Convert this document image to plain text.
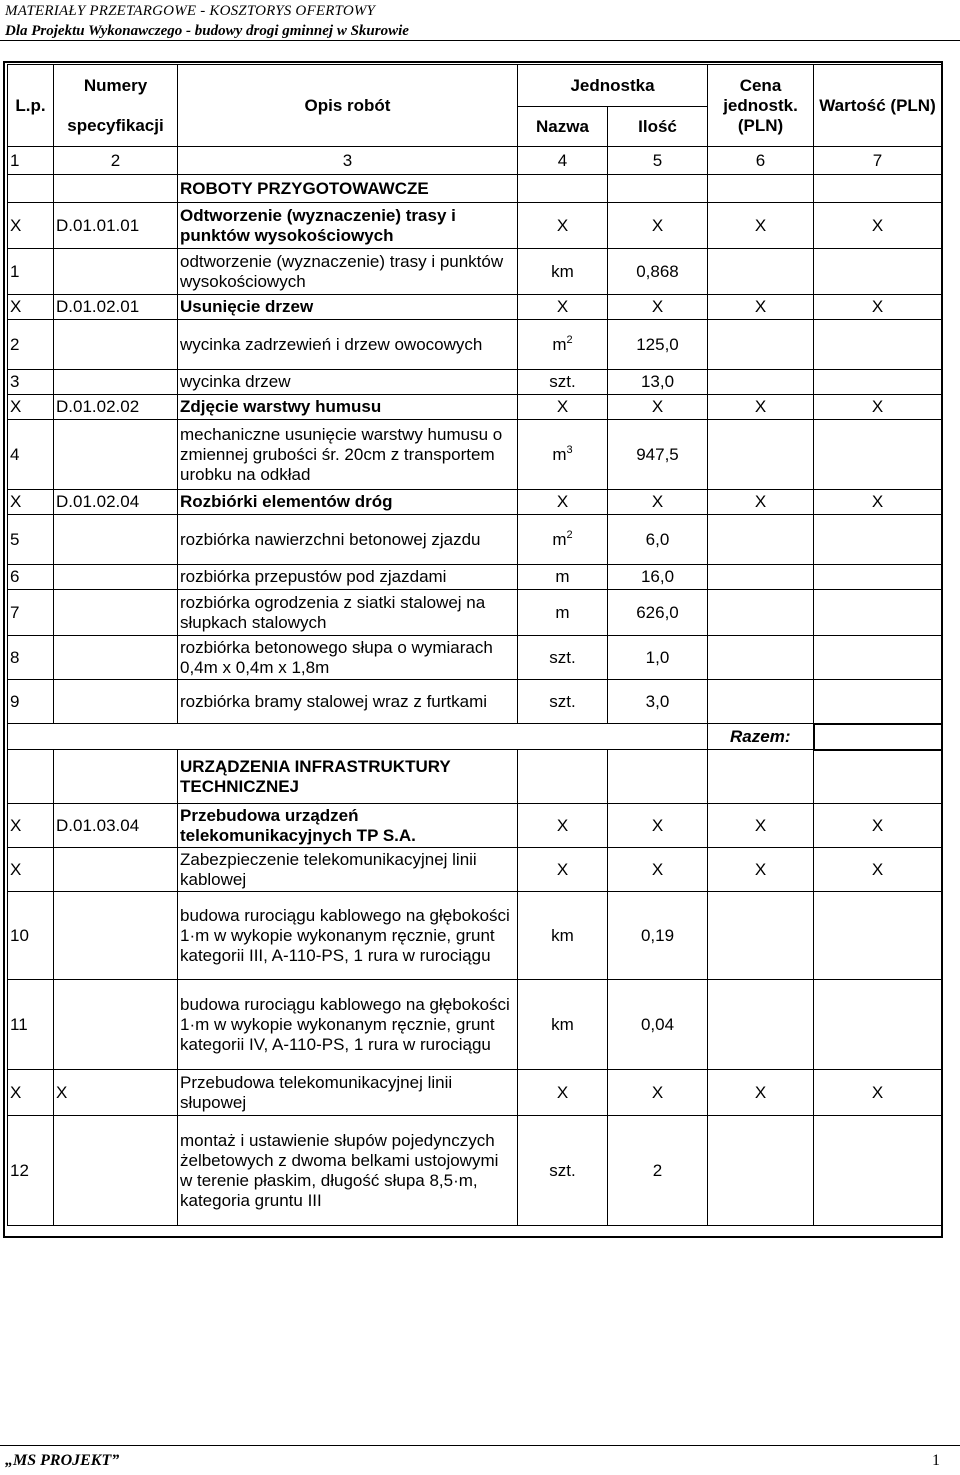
MATERIAŁY PRZETARGOWE - KOSZTORYS OFERTOWY
Dla Projektu Wykonawczego - budowy drogi gminnej w Skurowie
L.p.	Numery	Opis robót	Jednostka		Cena jednostk. (PLN)	Wartość (PLN)
	specyfikacji		Nazwa	Ilość		
1	2	3	4	5	6	7
		ROBOTY PRZYGOTOWAWCZE				
X	D.01.01.01	Odtworzenie (wyznaczenie) trasy i punktów wysokościowych	X	X	X	X
1		odtworzenie (wyznaczenie) trasy i punktów wysokościowych	km	0,868		
X	D.01.02.01	Usunięcie drzew	X	X	X	X
2		wycinka zadrzewień i drzew owocowych	$m^2$	125,0		
3		wycinka drzew	szt.	13,0		
X	D.01.02.02	Zdjęcie warstwy humusu	X	X	X	X
4		mechaniczne usunięcie warstwy humusu o zmiennej grubości śr. 20cm z transportem urobku na odkład	$m^3$	947,5		
X	D.01.02.04	Rozbiórki elementów dróg	X	X	X	X
5		rozbiórka nawierzchni betonowej zjazdu	$m^2$	6,0		
6		rozbiórka przepustów pod zjazdami	m	16,0		
7		rozbiórka ogrodzenia z siatki stalowej na słupkach stalowych	m	626,0		
8		rozbiórka betonowego słupa o wymiarach 0,4m x 0,4m x 1,8m	szt.	1,0		
9		rozbiórka bramy stalowej wraz z furtkami	szt.	3,0		
					Razem:	
		URZĄDZENIA INFRASTRUKTURY TECHNICZNEJ				
X	D.01.03.04	Przebudowa urządzeń telekomunikacyjnych TP S.A.	X	X	X	X
X		Zabezpieczenie telekomunikacyjnej linii kablowej	X	X	X	X
10		budowa rurociągu kablowego na głębokości 1·m w wykopie wykonanym ręcznie, grunt kategorii III, A-110-PS, 1 rura w rurociągu	km	0,19		
11		budowa rurociągu kablowego na głębokości 1·m w wykopie wykonanym ręcznie, grunt kategorii IV, A-110-PS, 1 rura w rurociągu	km	0,04		
X	X	Przebudowa telekomunikacyjnej linii słupowej	X	X	X	X
12		montaż i ustawienie słupów pojedynczych żelbetowych z dwoma belkami ustojowymi w terenie płaskim, długość słupa 8,5·m, kategoria gruntu III	szt.	2		
„MS PROJEKT”	1
